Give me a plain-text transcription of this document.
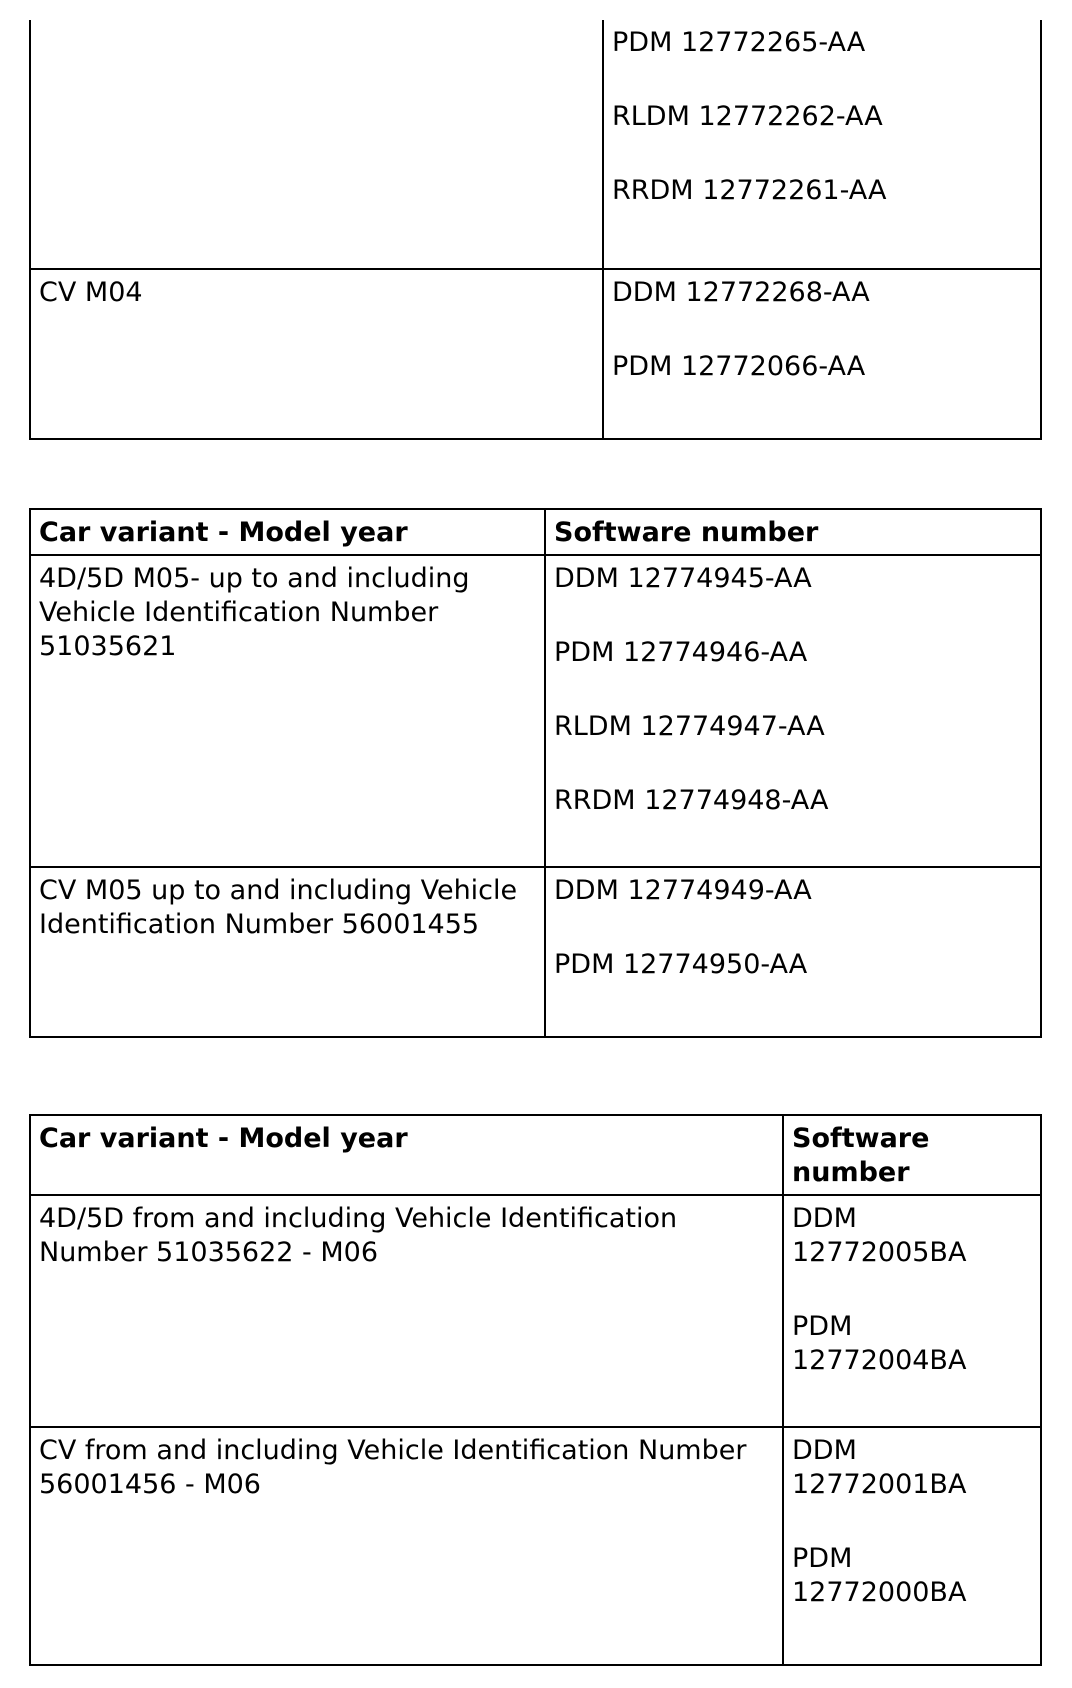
	PDM 12772265-AA

RLDM 12772262-AA

RRDM 12772261-AA

CV M04	DDM 12772268-AA

PDM 12772066-AA

Car variant - Model year	Software number
4D/5D M05- up to and including Vehicle Identification Number 51035621	DDM 12774945-AA

PDM 12774946-AA

RLDM 12774947-AA

RRDM 12774948-AA

CV M05 up to and including Vehicle Identification Number 56001455	DDM 12774949-AA

PDM 12774950-AA

Car variant - Model year	Software number
4D/5D from and including Vehicle Identification Number 51035622 - M06	DDM 12772005BA

PDM 12772004BA

CV from and including Vehicle Identification Number 56001456 - M06	DDM 12772001BA

PDM 12772000BA
